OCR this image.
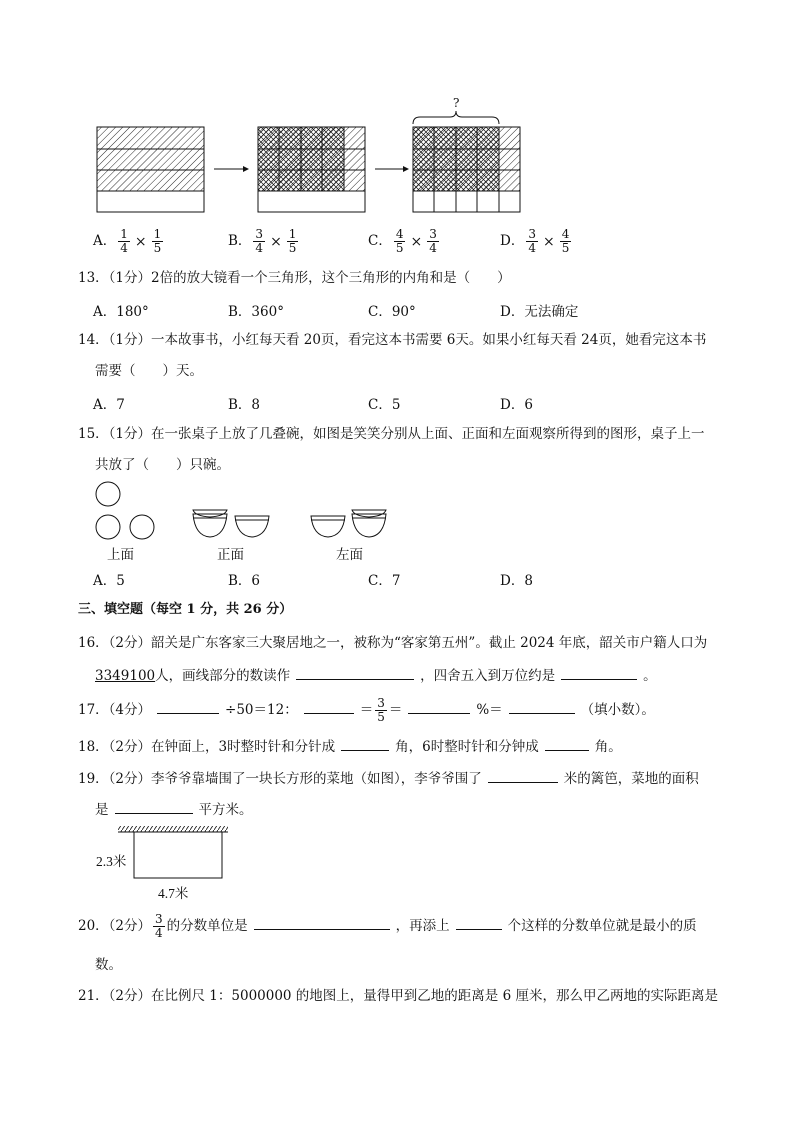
?
A． $\frac{1}{4} \times \frac{1}{5}$	B． $\frac{3}{4} \times \frac{1}{5}$	C． $\frac{4}{5} \times \frac{3}{4}$	D． $\frac{3}{4} \times \frac{4}{5}$
13．（1分）2倍的放大镜看一个三角形，这个三角形的内角和是（　　）
A．180°	B．360°	C．90°	D．无法确定
14．（1分）一本故事书，小红每天看 20页，看完这本书需要 6天。如果小红每天看 24页，她看完这本书
需要（　　）天。
A．7	B．8	C．5	D．6
15．（1分）在一张桌子上放了几叠碗，如图是笑笑分别从上面、正面和左面观察所得到的图形，桌子上一
共放了（　　）只碗。
上面	正面	左面
A．5	B．6	C．7	D．8
三、填空题（每空 1 分，共 26 分）
16．（2分）韶关是广东客家三大聚居地之一，被称为“客家第五州”。截止 2024 年底，韶关市户籍人口为
3349100人，画线部分的数读作	，四舍五入到万位约是	。
17．（4分）	÷50＝12：	＝ $\frac{3}{5}$ ＝	%＝	（填小数）。
18．（2分）在钟面上，3时整时针和分针成	角，6时整时针和分钟成	角。
19．（2分）李爷爷靠墙围了一块长方形的菜地（如图），李爷爷围了	米的篱笆，菜地的面积
是	平方米。
2.3米
4.7米
20．（2分） $\frac{3}{4}$ 的分数单位是	，再添上	个这样的分数单位就是最小的质
数。
21．（2分）在比例尺 1：5000000 的地图上，量得甲到乙地的距离是 6 厘米，那么甲乙两地的实际距离是
